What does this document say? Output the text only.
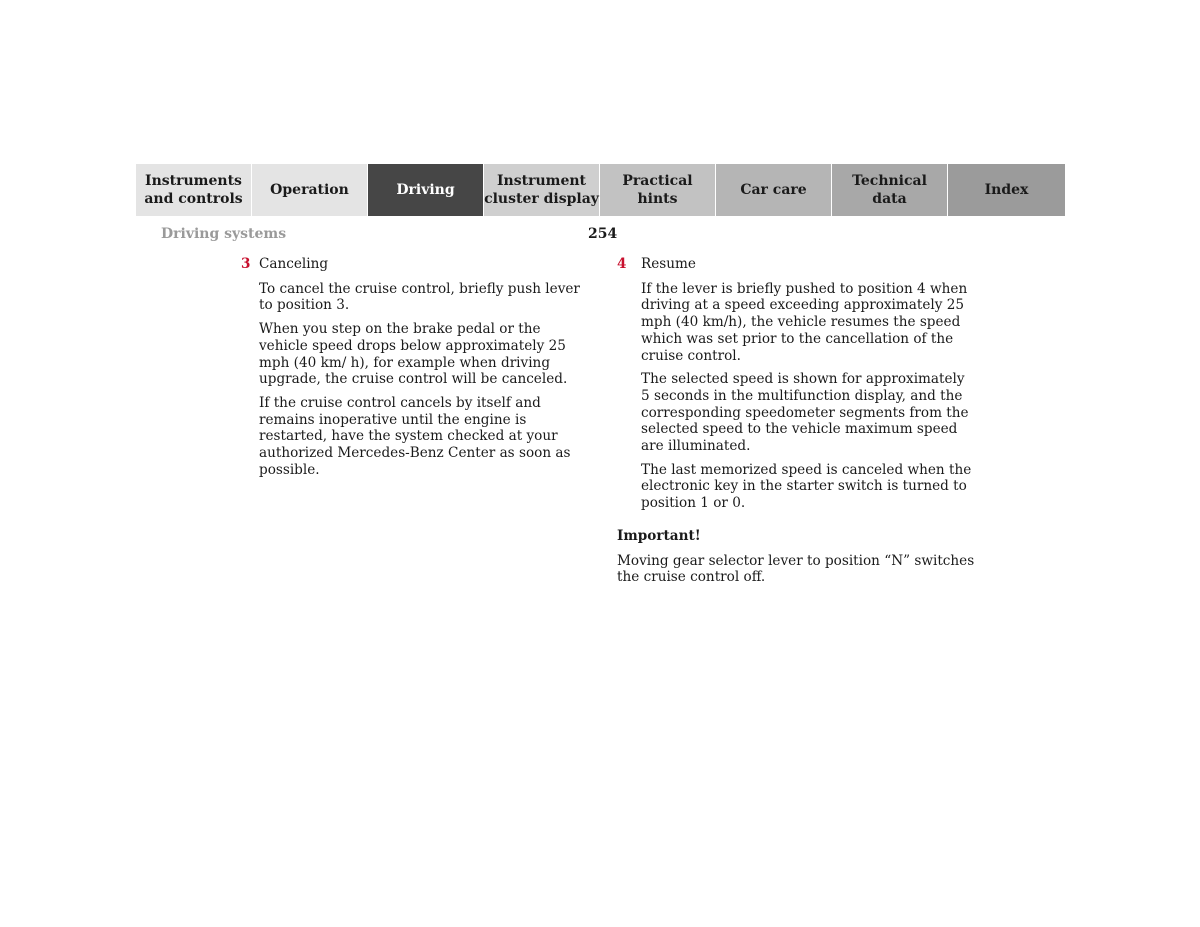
Instruments
and controls
Operation	Driving
Instrument
cluster display
Practical hints
Car care
Technical
data
Index
Driving systems	254
3 Canceling

To cancel the cruise control, briefly push lever to position 3.

When you step on the brake pedal or the vehicle speed drops below approximately 25 mph (40 km/ h), for example when driving upgrade, the cruise control will be canceled.

If the cruise control cancels by itself and remains inoperative until the engine is restarted, have the system checked at your authorized Mercedes-Benz Center as soon as possible.

4	Resume

If the lever is briefly pushed to position 4 when driving at a speed exceeding approximately 25 mph (40 km/h), the vehicle resumes the speed which was set prior to the cancellation of the cruise control.

The selected speed is shown for approximately 5 seconds in the multifunction display, and the corresponding speedometer segments from the selected speed to the vehicle maximum speed are illuminated.

The last memorized speed is canceled when the electronic key in the starter switch is turned to position 1 or 0.

Important!

Moving gear selector lever to position “N” switches the cruise control off.
